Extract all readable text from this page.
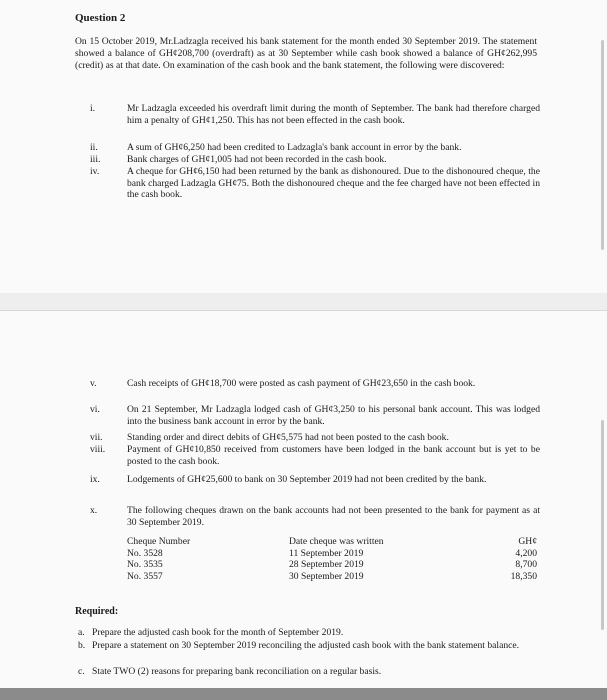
Question 2
On 15 October 2019, Mr.Ladzagla received his bank statement for the month ended 30 September 2019. The statement showed a balance of GH¢208,700 (overdraft) as at 30 September while cash book showed a balance of GH¢262,995 (credit) as at that date. On examination of the cash book and the bank statement, the following were discovered:
i.	Mr Ladzagla exceeded his overdraft limit during the month of September. The bank had therefore charged him a penalty of GH¢1,250. This has not been effected in the cash book.
ii.	A sum of GH¢6,250 had been credited to Ladzagla's bank account in error by the bank.
iii.	Bank charges of GH¢1,005 had not been recorded in the cash book.
iv.	A cheque for GH¢6,150 had been returned by the bank as dishonoured. Due to the dishonoured cheque, the bank charged Ladzagla GH¢75. Both the dishonoured cheque and the fee charged have not been effected in the cash book.
v.	Cash receipts of GH¢18,700 were posted as cash payment of GH¢23,650 in the cash book.
vi.	On 21 September, Mr Ladzagla lodged cash of GH¢3,250 to his personal bank account. This was lodged into the business bank account in error by the bank.
vii.	Standing order and direct debits of GH¢5,575 had not been posted to the cash book.
viii.	Payment of GH¢10,850 received from customers have been lodged in the bank account but is yet to be posted to the cash book.
ix.	Lodgements of GH¢25,600 to bank on 30 September 2019 had not been credited by the bank.
x.	The following cheques drawn on the bank accounts had not been presented to the bank for payment as at 30 September 2019.
Cheque Number	Date cheque was written	GH¢
No. 3528	11 September 2019	4,200
No. 3535	28 September 2019	8,700
No. 3557	30 September 2019	18,350
Required:
a. Prepare the adjusted cash book for the month of September 2019.
b. Prepare a statement on 30 September 2019 reconciling the adjusted cash book with the bank statement balance.
c. State TWO (2) reasons for preparing bank reconciliation on a regular basis.
